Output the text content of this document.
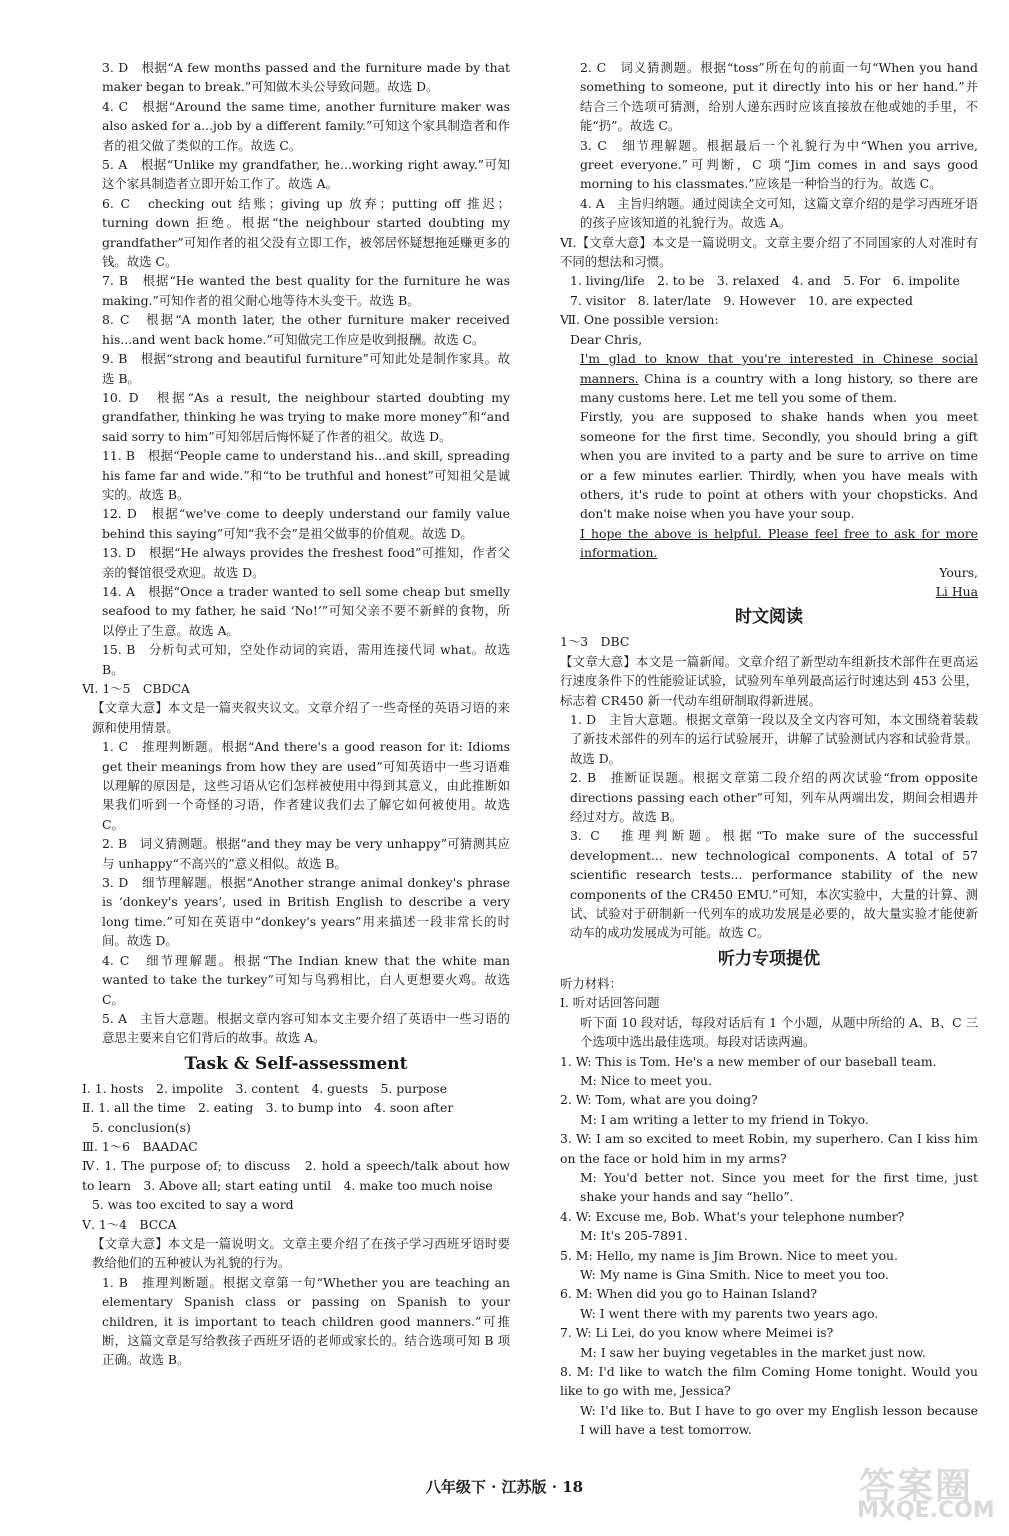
3. D　根据“A few months passed and the furniture made by that maker began to break.”可知做木头公导致问题。故选 D。

4. C　根据“Around the same time, another furniture maker was also asked for a...job by a different family.”可知这个家具制造者和作者的祖父做了类似的工作。故选 C。

5. A　根据“Unlike my grandfather, he...working right away.”可知这个家具制造者立即开始工作了。故选 A。

6. C　checking out 结账；giving up 放弃；putting off 推迟；turning down 拒绝。根据“the neighbour started doubting my grandfather”可知作者的祖父没有立即工作，被邻居怀疑想拖延赚更多的钱。故选 C。

7. B　根据“He wanted the best quality for the furniture he was making.”可知作者的祖父耐心地等待木头变干。故选 B。

8. C　根据“A month later, the other furniture maker received his...and went back home.”可知做完工作应是收到报酬。故选 C。

9. B　根据“strong and beautiful furniture”可知此处是制作家具。故选 B。

10. D　根据“As a result, the neighbour started doubting my grandfather, thinking he was trying to make more money”和“and said sorry to him”可知邻居后悔怀疑了作者的祖父。故选 D。

11. B　根据“People came to understand his...and skill, spreading his fame far and wide.”和“to be truthful and honest”可知祖父是诚实的。故选 B。

12. D　根据“we've come to deeply understand our family value behind this saying”可知“我不会”是祖父做事的价值观。故选 D。

13. D　根据“He always provides the freshest food”可推知，作者父亲的餐馆很受欢迎。故选 D。

14. A　根据“Once a trader wanted to sell some cheap but smelly seafood to my father, he said ‘No!’”可知父亲不要不新鲜的食物，所以停止了生意。故选 A。

15. B　分析句式可知，空处作动词的宾语，需用连接代词 what。故选 B。

Ⅵ. 1～5　CBDCA

【文章大意】本文是一篇夹叙夹议文。文章介绍了一些奇怪的英语习语的来源和使用情景。

1. C　推理判断题。根据“And there's a good reason for it: Idioms get their meanings from how they are used”可知英语中一些习语难以理解的原因是，这些习语从它们怎样被使用中得到其意义，由此推断如果我们听到一个奇怪的习语，作者建议我们去了解它如何被使用。故选 C。

2. B　词义猜测题。根据“and they may be very unhappy”可猜测其应与 unhappy“不高兴的”意义相似。故选 B。

3. D　细节理解题。根据“Another strange animal donkey's phrase is ‘donkey's years’, used in British English to describe a very long time.”可知在英语中“donkey's years”用来描述一段非常长的时间。故选 D。

4. C　细节理解题。根据“The Indian knew that the white man wanted to take the turkey”可知与鸟鸦相比，白人更想要火鸡。故选 C。

5. A　主旨大意题。根据文章内容可知本文主要介绍了英语中一些习语的意思主要来自它们背后的故事。故选 A。

Task & Self-assessment

Ⅰ. 1. hosts　2. impolite　3. content　4. guests　5. purpose

Ⅱ. 1. all the time　2. eating　3. to bump into　4. soon after

5. conclusion(s)

Ⅲ. 1～6　BAADAC

Ⅳ. 1. The purpose of; to discuss　2. hold a speech/talk about how to learn　3. Above all; start eating until　4. make too much noise

5. was too excited to say a word

Ⅴ. 1～4　BCCA

【文章大意】本文是一篇说明文。文章主要介绍了在孩子学习西班牙语时要教给他们的五种被认为礼貌的行为。

1. B　推理判断题。根据文章第一句“Whether you are teaching an elementary Spanish class or passing on Spanish to your children, it is important to teach children good manners.”可推断，这篇文章是写给教孩子西班牙语的老师或家长的。结合选项可知 B 项正确。故选 B。

2. C　词义猜测题。根据“toss”所在句的前面一句“When you hand something to someone, put it directly into his or her hand.”并结合三个选项可猜测，给别人递东西时应该直接放在他或她的手里，不能“扔”。故选 C。

3. C　细节理解题。根据最后一个礼貌行为中“When you arrive, greet everyone.”可判断，C 项“Jim comes in and says good morning to his classmates.”应该是一种恰当的行为。故选 C。

4. A　主旨归纳题。通过阅读全文可知，这篇文章介绍的是学习西班牙语的孩子应该知道的礼貌行为。故选 A。

Ⅵ.【文章大意】本文是一篇说明文。文章主要介绍了不同国家的人对准时有不同的想法和习惯。

1. living/life　2. to be　3. relaxed　4. and　5. For　6. impolite

7. visitor　8. later/late　9. However　10. are expected

Ⅶ. One possible version:

Dear Chris,

I'm glad to know that you're interested in Chinese social manners. China is a country with a long history, so there are many customs here. Let me tell you some of them.

Firstly, you are supposed to shake hands when you meet someone for the first time. Secondly, you should bring a gift when you are invited to a party and be sure to arrive on time or a few minutes earlier. Thirdly, when you have meals with others, it's rude to point at others with your chopsticks. And don't make noise when you have your soup.

I hope the above is helpful. Please feel free to ask for more information.

Yours,

Li Hua

时文阅读

1～3　DBC

【文章大意】本文是一篇新闻。文章介绍了新型动车组新技术部件在更高运行速度条件下的性能验证试验，试验列车单列最高运行时速达到 453 公里，标志着 CR450 新一代动车组研制取得新进展。

1. D　主旨大意题。根据文章第一段以及全文内容可知，本文围绕着装载了新技术部件的列车的运行试验展开，讲解了试验测试内容和试验背景。故选 D。

2. B　推断证误题。根据文章第二段介绍的两次试验“from opposite directions passing each other”可知，列车从两端出发，期间会相遇并经过对方。故选 B。

3. C　推理判断题。根据“To make sure of the successful development... new technological components. A total of 57 scientific research tests... performance stability of the new components of the CR450 EMU.”可知，本次实验中，大量的计算、测试、试验对于研制新一代列车的成功发展是必要的，故大量实验才能使新动车的成功发展成为可能。故选 C。

听力专项提优

听力材料：

Ⅰ. 听对话回答问题

听下面 10 段对话，每段对话后有 1 个小题，从题中所给的 A、B、C 三个选项中选出最佳选项。每段对话读两遍。

1. W: This is Tom. He's a new member of our baseball team.

M: Nice to meet you.

2. W: Tom, what are you doing?

M: I am writing a letter to my friend in Tokyo.

3. W: I am so excited to meet Robin, my superhero. Can I kiss him on the face or hold him in my arms?

M: You'd better not. Since you meet for the first time, just shake your hands and say “hello”.

4. W: Excuse me, Bob. What's your telephone number?

M: It's 205-7891.

5. M: Hello, my name is Jim Brown. Nice to meet you.

W: My name is Gina Smith. Nice to meet you too.

6. M: When did you go to Hainan Island?

W: I went there with my parents two years ago.

7. W: Li Lei, do you know where Meimei is?

M: I saw her buying vegetables in the market just now.

8. M: I'd like to watch the film Coming Home tonight. Would you like to go with me, Jessica?

W: I'd like to. But I have to go over my English lesson because I will have a test tomorrow.

八年级下 · 江苏版 · 18	答案圈
MXQE.COM
